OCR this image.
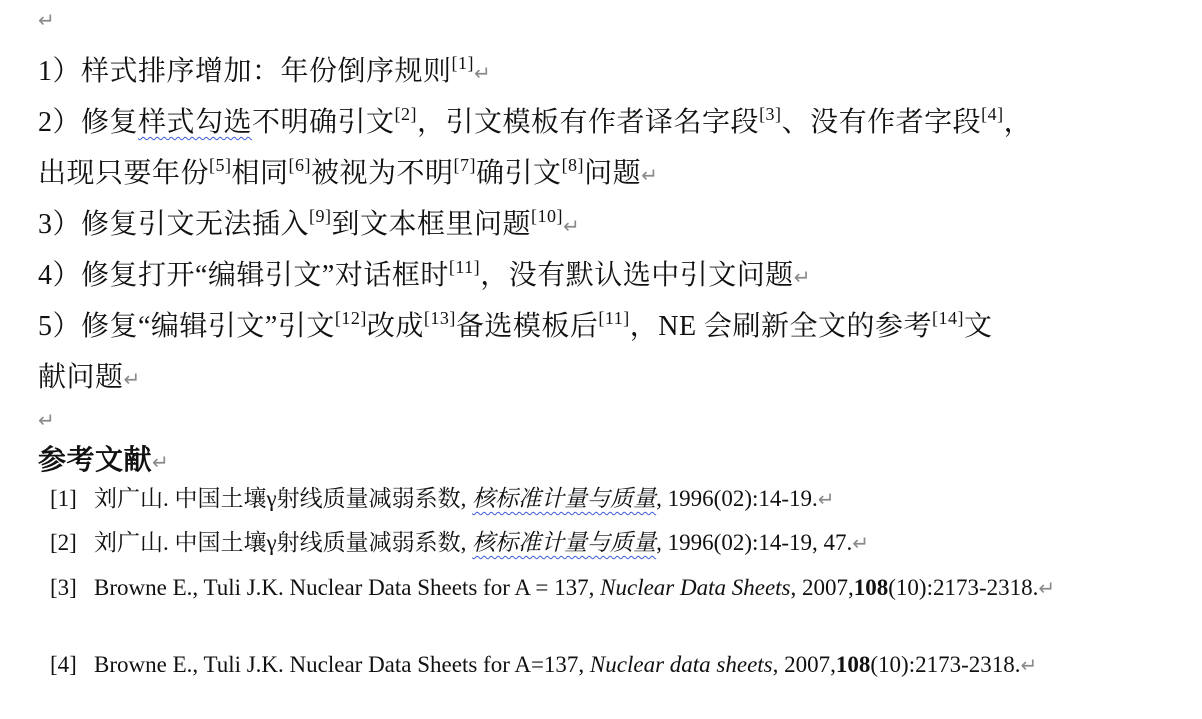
↵
1）样式排序增加：年份倒序规则[1]↵
2）修复样式勾选不明确引文[2]，引文模板有作者译名字段[3]、没有作者字段[4]，
出现只要年份[5]相同[6]被视为不明[7]确引文[8]问题↵
3）修复引文无法插入[9]到文本框里问题[10]↵
4）修复打开“编辑引文”对话框时[11]，没有默认选中引文问题↵
5）修复“编辑引文”引文[12]改成[13]备选模板后[11]，NE 会刷新全文的参考[14]文
献问题↵
↵
参考文献↵
[1] 刘广山. 中国土壤γ射线质量减弱系数, 核标准计量与质量, 1996(02):14-19.↵
[2] 刘广山. 中国土壤γ射线质量减弱系数, 核标准计量与质量, 1996(02):14-19, 47.↵
[3] Browne E., Tuli J.K. Nuclear Data Sheets for A = 137, Nuclear Data Sheets, 2007,108(10):2173-2318.↵
[4] Browne E., Tuli J.K. Nuclear Data Sheets for A=137, Nuclear data sheets, 2007,108(10):2173-2318.↵
